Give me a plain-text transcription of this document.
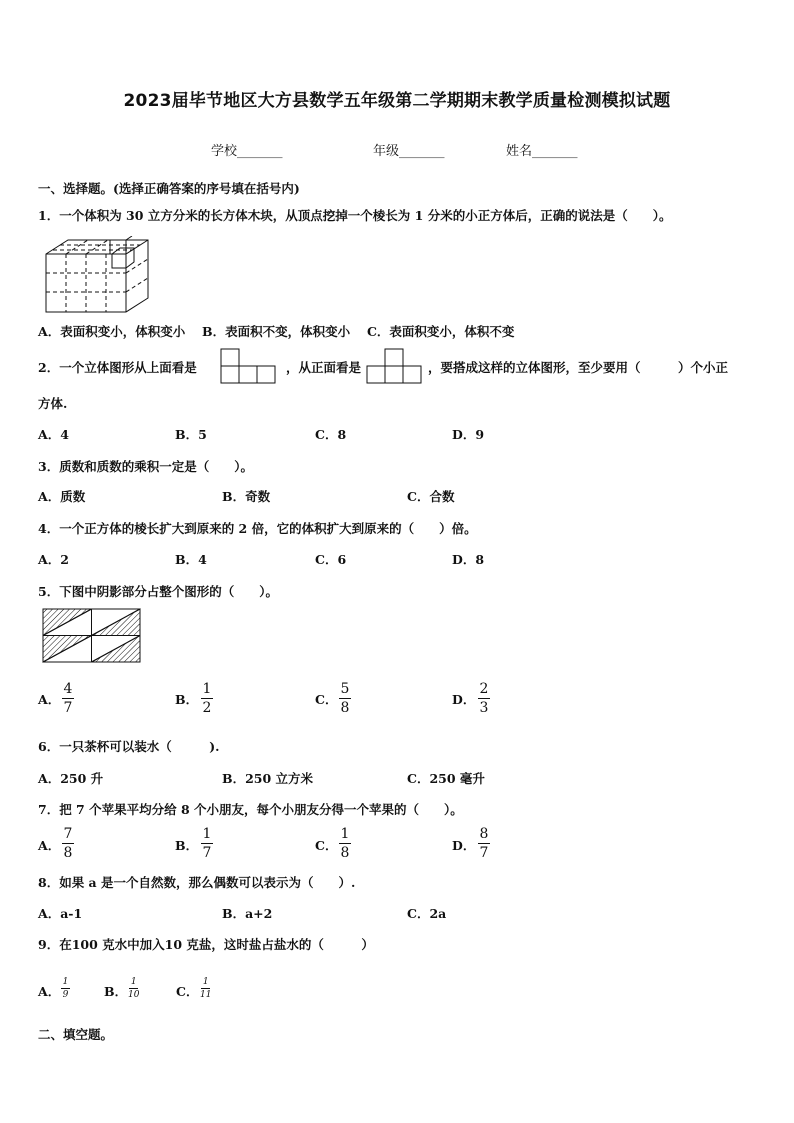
2023届毕节地区大方县数学五年级第二学期期末教学质量检测模拟试题
学校_______	年级_______	姓名_______
一、选择题。(选择正确答案的序号填在括号内)
1．一个体积为 30 立方分米的长方体木块，从顶点挖掉一个棱长为 1 分米的小正方体后，正确的说法是（　　）。
A．表面积变小，体积变小　 B．表面积不变，体积变小　 C．表面积变小，体积不变
2．一个立体图形从上面看是	，从正面看是	，要搭成这样的立体图形，至少要用（　　　）个小正
方体.
A．4	B．5	C．8	D．9
3．质数和质数的乘积一定是（　　）。
A．质数	B．奇数	C．合数
4．一个正方体的棱长扩大到原来的 2 倍，它的体积扩大到原来的（　　）倍。
A．2	B．4	C．6	D．8
5．下图中阴影部分占整个图形的（　　）。
A．
4
7
B．
1
2
C．
5
8
D．
2
3
6．一只茶杯可以装水（　　　).
A．250 升	B．250 立方米	C．250 毫升
7．把 7 个苹果平均分给 8 个小朋友，每个小朋友分得一个苹果的（　　）。
A．
7
8	B．
1
7	C．
1
8	D．
8
7
8．如果 a 是一个自然数，那么偶数可以表示为（　　）.
A．a-1	B．a+2	C．2a
9．在100 克水中加入10 克盐，这时盐占盐水的（　　　）
A．
1
9	B．
1
10	C．
1
11
二、填空题。
